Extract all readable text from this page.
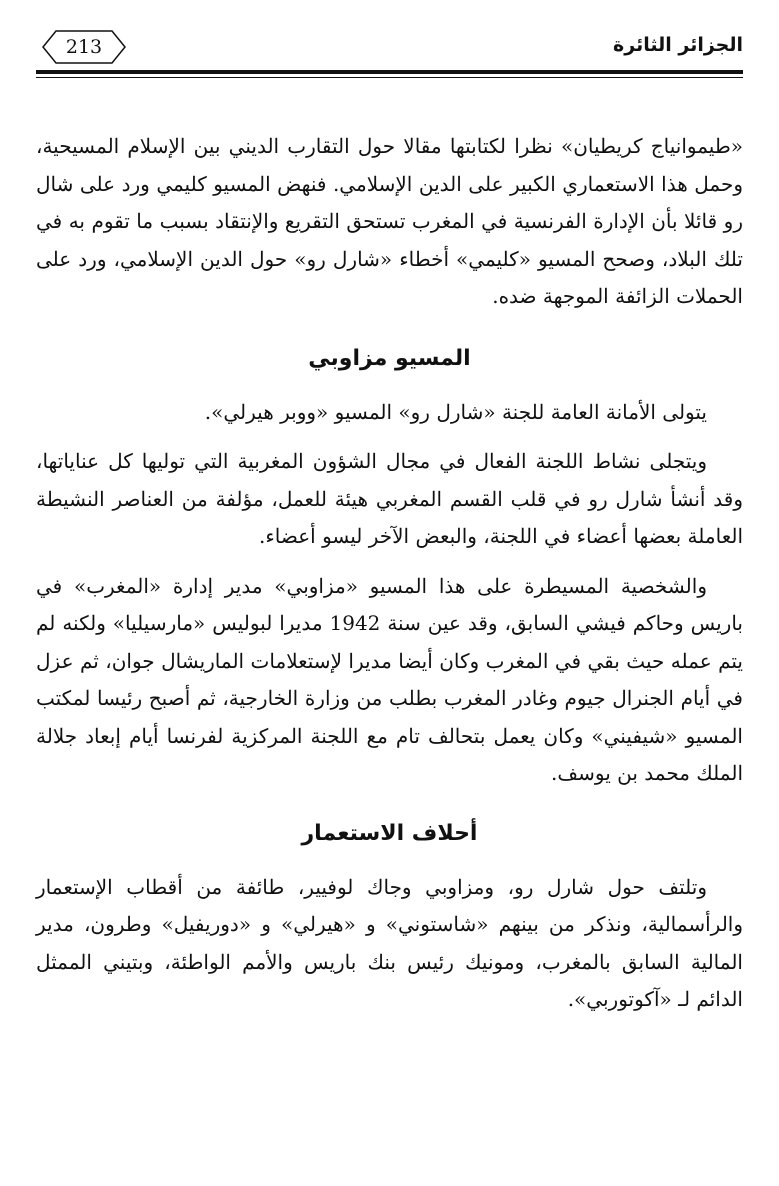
الجزائر الثائرة
213

«طيموانياج كريطيان» نظرا لكتابتها مقالا حول التقارب الديني بين الإسلام المسيحية، وحمل هذا الاستعماري الكبير على الدين الإسلامي. فنهض المسيو كليمي ورد على شال رو قائلا بأن الإدارة الفرنسية في المغرب تستحق التقريع والإنتقاد بسبب ما تقوم به في تلك البلاد، وصحح المسيو «كليمي» أخطاء «شارل رو» حول الدين الإسلامي، ورد على الحملات الزائفة الموجهة ضده.

المسيو مزاوبي

يتولى الأمانة العامة للجنة «شارل رو» المسيو «ووبر هيرلي».

ويتجلى نشاط اللجنة الفعال في مجال الشؤون المغربية التي توليها كل عناياتها، وقد أنشأ شارل رو في قلب القسم المغربي هيئة للعمل، مؤلفة من العناصر النشيطة العاملة بعضها أعضاء في اللجنة، والبعض الآخر ليسو أعضاء.

والشخصية المسيطرة على هذا المسيو «مزاوبي» مدير إدارة «المغرب» في باريس وحاكم فيشي السابق، وقد عين سنة 1942 مديرا لبوليس «مارسيليا» ولكنه لم يتم عمله حيث بقي في المغرب وكان أيضا مديرا لإستعلامات الماريشال جوان، ثم عزل في أيام الجنرال جيوم وغادر المغرب بطلب من وزارة الخارجية، ثم أصبح رئيسا لمكتب المسيو «شيفيني» وكان يعمل بتحالف تام مع اللجنة المركزية لفرنسا أيام إبعاد جلالة الملك محمد بن يوسف.

أحلاف الاستعمار

وتلتف حول شارل رو، ومزاوبي وجاك لوفيير، طائفة من أقطاب الإستعمار والرأسمالية، ونذكر من بينهم «شاستوني» و «هيرلي» و «دوريفيل» وطرون، مدير المالية السابق بالمغرب، ومونيك رئيس بنك باريس والأمم الواطئة، وبتيني الممثل الدائم لـ «آكوتوربي».
